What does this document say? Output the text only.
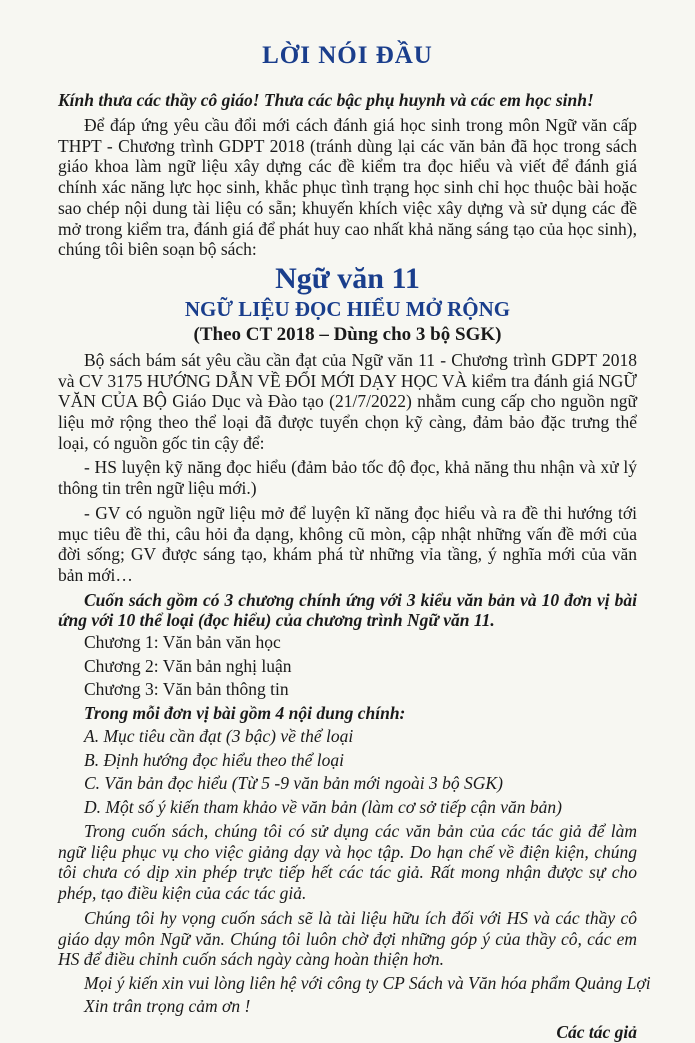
LỜI NÓI ĐẦU
Kính thưa các thầy cô giáo! Thưa các bậc phụ huynh và các em học sinh!

Để đáp ứng yêu cầu đổi mới cách đánh giá học sinh trong môn Ngữ văn cấp THPT - Chương trình GDPT 2018 (tránh dùng lại các văn bản đã học trong sách giáo khoa làm ngữ liệu xây dựng các đề kiểm tra đọc hiểu và viết để đánh giá chính xác năng lực học sinh, khắc phục tình trạng học sinh chỉ học thuộc bài hoặc sao chép nội dung tài liệu có sẵn; khuyến khích việc xây dựng và sử dụng các đề mở trong kiểm tra, đánh giá để phát huy cao nhất khả năng sáng tạo của học sinh), chúng tôi biên soạn bộ sách:

Ngữ văn 11
NGỮ LIỆU ĐỌC HIỂU MỞ RỘNG
(Theo CT 2018 – Dùng cho 3 bộ SGK)

Bộ sách bám sát yêu cầu cần đạt của Ngữ văn 11 - Chương trình GDPT 2018 và CV 3175 HƯỚNG DẪN VỀ ĐỔI MỚI DẠY HỌC VÀ kiểm tra đánh giá NGỮ VĂN CỦA BỘ Giáo Dục và Đào tạo (21/7/2022) nhằm cung cấp cho nguồn ngữ liệu mở rộng theo thể loại đã được tuyển chọn kỹ càng, đảm bảo đặc trưng thể loại, có nguồn gốc tin cậy để:

- HS luyện kỹ năng đọc hiểu (đảm bảo tốc độ đọc, khả năng thu nhận và xử lý thông tin trên ngữ liệu mới.)

- GV có nguồn ngữ liệu mở để luyện kĩ năng đọc hiểu và ra đề thi hướng tới mục tiêu đề thi, câu hỏi đa dạng, không cũ mòn, cập nhật những vấn đề mới của đời sống; GV được sáng tạo, khám phá từ những vỉa tầng, ý nghĩa mới của văn bản mới…

Cuốn sách gồm có 3 chương chính ứng với 3 kiểu văn bản và 10 đơn vị bài ứng với 10 thể loại (đọc hiểu) của chương trình Ngữ văn 11.

Chương 1: Văn bản văn học
Chương 2: Văn bản nghị luận
Chương 3: Văn bản thông tin
Trong mỗi đơn vị bài gồm 4 nội dung chính:
A. Mục tiêu cần đạt (3 bậc) về thể loại
B. Định hướng đọc hiểu theo thể loại
C. Văn bản đọc hiểu (Từ 5 -9 văn bản mới ngoài 3 bộ SGK)
D. Một số ý kiến tham khảo về văn bản (làm cơ sở tiếp cận văn bản)

Trong cuốn sách, chúng tôi có sử dụng các văn bản của các tác giả để làm ngữ liệu phục vụ cho việc giảng dạy và học tập. Do hạn chế về điện kiện, chúng tôi chưa có dịp xin phép trực tiếp hết các tác giả. Rất mong nhận được sự cho phép, tạo điều kiện của các tác giả.

Chúng tôi hy vọng cuốn sách sẽ là tài liệu hữu ích đối với HS và các thầy cô giáo dạy môn Ngữ văn. Chúng tôi luôn chờ đợi những góp ý của thầy cô, các em HS để điều chỉnh cuốn sách ngày càng hoàn thiện hơn.

Mọi ý kiến xin vui lòng liên hệ với công ty CP Sách và Văn hóa phẩm Quảng Lợi
Xin trân trọng cảm ơn !
Các tác giả
